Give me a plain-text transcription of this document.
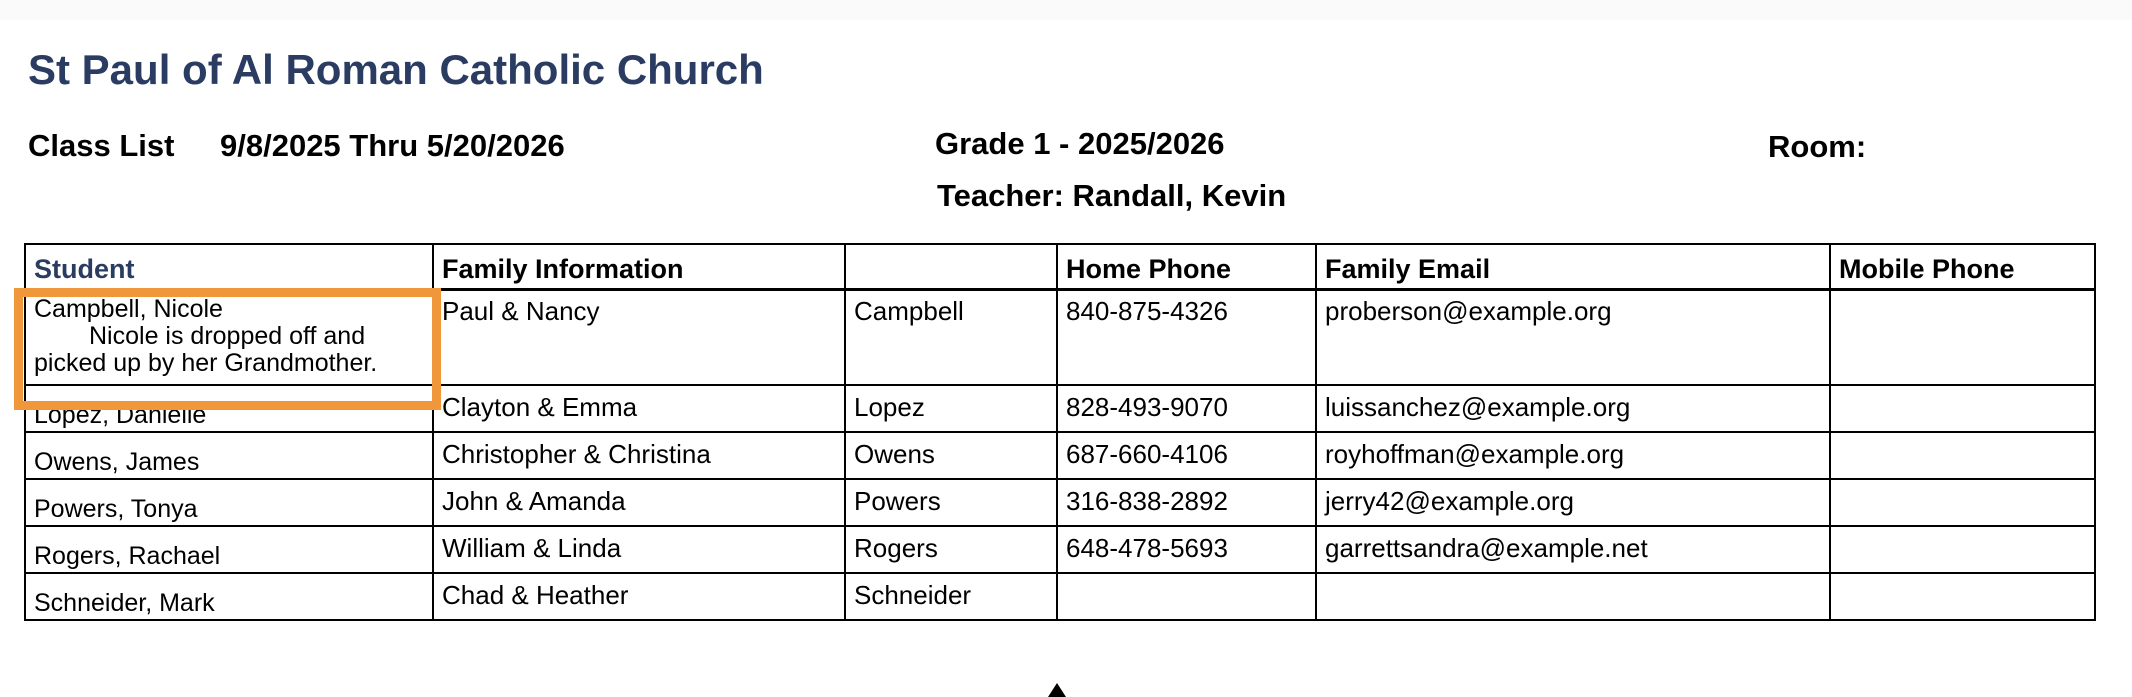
St Paul of Al Roman Catholic Church
Class List 9/8/2025 Thru 5/20/2026	Grade 1 - 2025/2026
Teacher: Randall, Kevin
Room:
Student	Family Information		Home Phone	Family Email	Mobile Phone

Campbell, Nicole

Nicole is dropped off and picked up by her Grandmother.	Paul & Nancy	Campbell	840-875-4326	proberson@example.org	
Lopez, Danielle	Clayton & Emma	Lopez	828-493-9070	luissanchez@example.org	
Owens, James	Christopher & Christina	Owens	687-660-4106	royhoffman@example.org	
Powers, Tonya	John & Amanda	Powers	316-838-2892	jerry42@example.org	
Rogers, Rachael	William & Linda	Rogers	648-478-5693	garrettsandra@example.net	
Schneider, Mark	Chad & Heather	Schneider			
